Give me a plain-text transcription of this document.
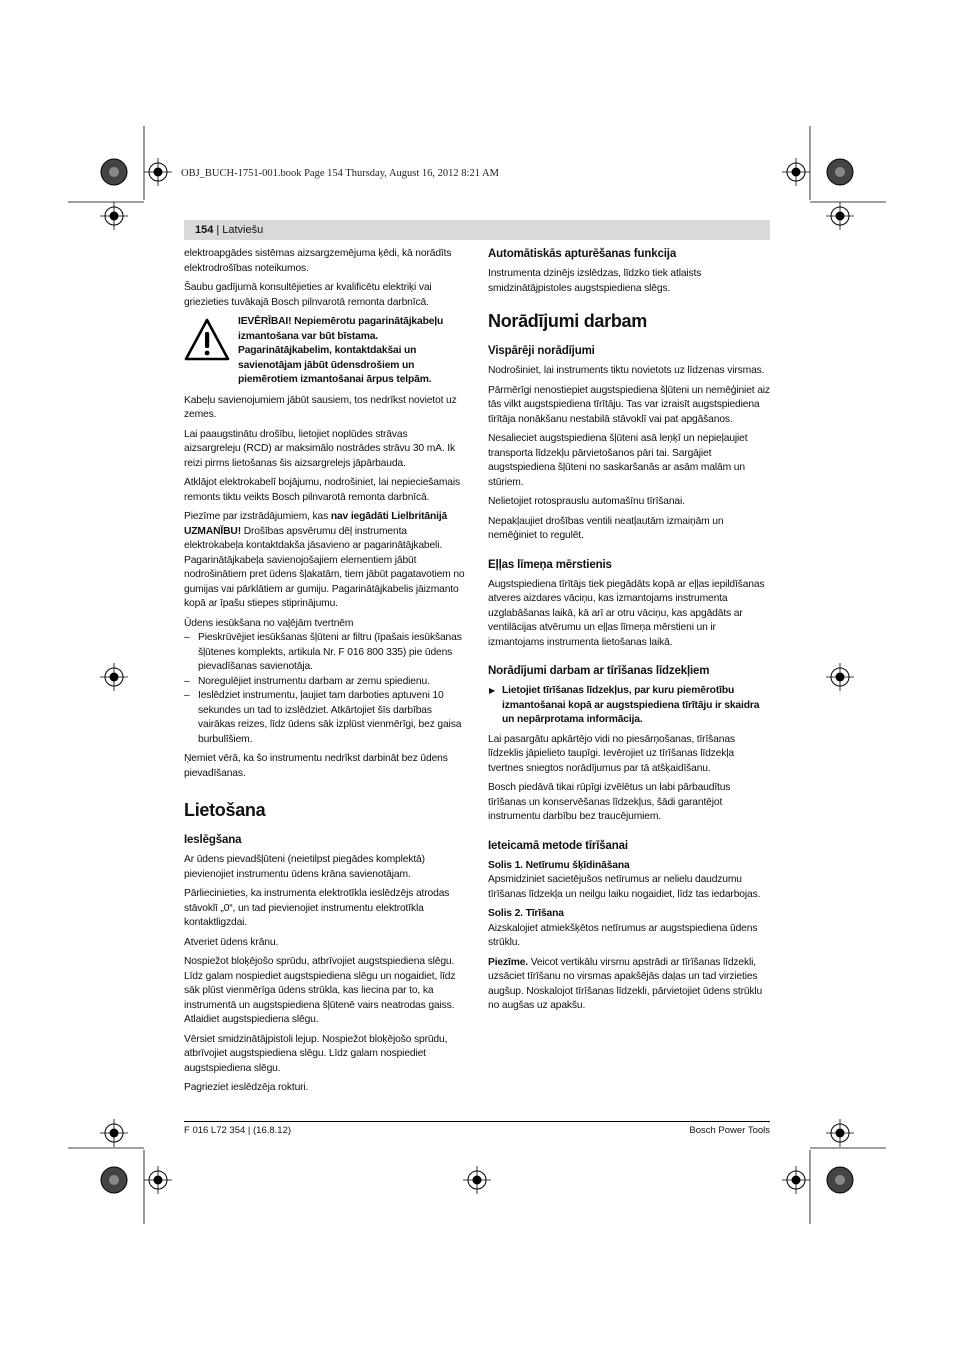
OBJ_BUCH-1751-001.book Page 154 Thursday, August 16, 2012 8:21 AM
154 | Latviešu

elektroapgādes sistēmas aizsargzemējuma ķēdi, kā norādīts elektrodrošības noteikumos.

Šaubu gadījumā konsultējieties ar kvalificētu elektriķi vai griezieties tuvākajā Bosch pilnvarotā remonta darbnīcā.

IEVĒRĪBAI! Nepiemērotu pagarinātājkabeļu izmantošana var būt bīstama. Pagarinātājkabelim, kontaktdakšai un savienotājam jābūt ūdensdrošiem un piemērotiem izmantošanai ārpus telpām.

Kabeļu savienojumiem jābūt sausiem, tos nedrīkst novietot uz zemes.

Lai paaugstinātu drošību, lietojiet noplūdes strāvas aizsargreleju (RCD) ar maksimālo nostrādes strāvu 30 mA. Ik reizi pirms lietošanas šis aizsargrelejs jāpārbauda.

Atklājot elektrokabelī bojājumu, nodrošiniet, lai nepieciešamais remonts tiktu veikts Bosch pilnvarotā remonta darbnīcā.

Piezīme par izstrādājumiem, kas nav iegādāti Lielbritānijā UZMANĪBU! Drošības apsvērumu dēļ instrumenta elektrokabeļa kontaktdakša jāsavieno ar pagarinātājkabeli. Pagarinātājkabeļa savienojošajiem elementiem jābūt nodrošinātiem pret ūdens šļakatām, tiem jābūt pagatavotiem no gumijas vai pārklātiem ar gumiju. Pagarinātājkabelis jāizmanto kopā ar īpašu stiepes stiprinājumu.

Ūdens iesūkšana no vaļējām tvertnēm

– Pieskrūvējiet iesūkšanas šļūteni ar filtru (īpašais iesūkšanas šļūtenes komplekts, artikula Nr. F 016 800 335) pie ūdens pievadīšanas savienotāja.
– Noregulējiet instrumentu darbam ar zemu spiedienu.
– Ieslēdziet instrumentu, ļaujiet tam darboties aptuveni 10 sekundes un tad to izslēdziet. Atkārtojiet šīs darbības vairākas reizes, līdz ūdens sāk izplūst vienmērīgi, bez gaisa burbulīšiem.

Ņemiet vērā, ka šo instrumentu nedrīkst darbināt bez ūdens pievadīšanas.

Lietošana
Ieslēgšana

Ar ūdens pievadšļūteni (neietilpst piegādes komplektā) pievienojiet instrumentu ūdens krāna savienotājam.

Pārliecinieties, ka instrumenta elektrotīkla ieslēdzējs atrodas stāvoklī „0“, un tad pievienojiet instrumentu elektrotīkla kontaktligzdai.

Atveriet ūdens krānu.

Nospiežot bloķējošo sprūdu, atbrīvojiet augstspiediena slēgu. Līdz galam nospiediet augstspiediena slēgu un nogaidiet, līdz sāk plūst vienmērīga ūdens strūkla, kas liecina par to, ka instrumentā un augstspiediena šļūtenē vairs neatrodas gaiss. Atlaidiet augstspiediena slēgu.

Vērsiet smidzinātājpistoli lejup. Nospiežot bloķējošo sprūdu, atbrīvojiet augstspiediena slēgu. Līdz galam nospiediet augstspiediena slēgu.

Pagrieziet ieslēdzēja rokturi.

Automātiskās apturēšanas funkcija

Instrumenta dzinējs izslēdzas, līdzko tiek atlaists smidzinātājpistoles augstspiediena slēgs.

Norādījumi darbam
Vispārēji norādījumi

Nodrošiniet, lai instruments tiktu novietots uz līdzenas virsmas.

Pārmērīgi nenostiepiet augstspiediena šļūteni un nemēģiniet aiz tās vilkt augstspiediena tīrītāju. Tas var izraisīt augstspiediena tīrītāja nonākšanu nestabilā stāvoklī vai pat apgāšanos.

Nesalieciet augstspiediena šļūteni asā leņķī un nepieļaujiet transporta līdzekļu pārvietošanos pāri tai. Sargājiet augstspiediena šļūteni no saskaršanās ar asām malām un stūriem.

Nelietojiet rotosprauslu automašīnu tīrīšanai.

Nepakļaujiet drošības ventili neatļautām izmaiņām un nemēģiniet to regulēt.

Eļļas līmeņa mērstienis

Augstspiediena tīrītājs tiek piegādāts kopā ar eļļas iepildīšanas atveres aizdares vāciņu, kas izmantojams instrumenta uzglabāšanas laikā, kā arī ar otru vāciņu, kas apgādāts ar ventilācijas atvērumu un eļļas līmeņa mērstieni un ir izmantojams instrumenta lietošanas laikā.

Norādījumi darbam ar tīrīšanas līdzekļiem
▶ Lietojiet tīrīšanas līdzekļus, par kuru piemērotību izmantošanai kopā ar augstspiediena tīrītāju ir skaidra un nepārprotama informācija.

Lai pasargātu apkārtējo vidi no piesārņošanas, tīrīšanas līdzeklis jāpielieto taupīgi. Ievērojiet uz tīrīšanas līdzekļa tvertnes sniegtos norādījumus par tā atšķaidīšanu.

Bosch piedāvā tikai rūpīgi izvēlētus un labi pārbaudītus tīrīšanas un konservēšanas līdzekļus, šādi garantējot instrumentu darbību bez traucējumiem.

Ieteicamā metode tīrīšanai
Solis 1. Netīrumu šķīdināšana

Apsmidziniet sacietējušos netīrumus ar nelielu daudzumu tīrīšanas līdzekļa un neilgu laiku nogaidiet, līdz tas iedarbojas.

Solis 2. Tīrīšana

Aizskalojiet atmiekšķētos netīrumus ar augstspiediena ūdens strūklu.

Piezīme. Veicot vertikālu virsmu apstrādi ar tīrīšanas līdzekli, uzsāciet tīrīšanu no virsmas apakšējās daļas un tad virzieties augšup. Noskalojot tīrīšanas līdzekli, pārvietojiet ūdens strūklu no augšas uz apakšu.

F 016 L72 354 | (16.8.12)	Bosch Power Tools
